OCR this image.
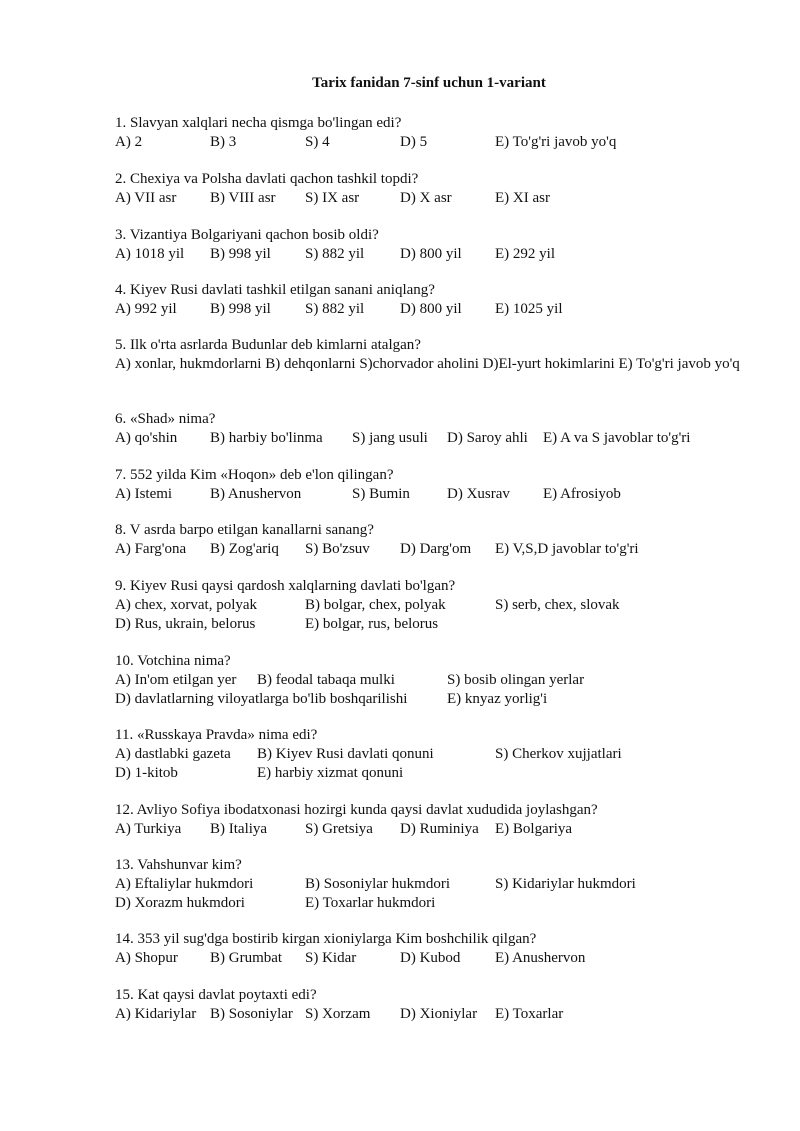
Tarix fanidan 7-sinf uchun 1-variant
1. Slavyan xalqlari necha qismga bo'lingan edi?
A) 2	B) 3	S) 4	D) 5	E) To'g'ri javob yo'q
2. Chexiya va Polsha davlati qachon tashkil topdi?
A) VII asr B) VIII asr S) IX asr	D) X asr	E) XI asr
3. Vizantiya Bolgariyani qachon bosib oldi?
A) 1018 yil B) 998 yil S) 882 yil D) 800 yil E) 292 yil
4. Kiyev Rusi davlati tashkil etilgan sanani aniqlang?
A) 992 yil B) 998 yil S) 882 yil D) 800 yil E) 1025 yil
5. Ilk o'rta asrlarda Budunlar deb kimlarni atalgan?
A) xonlar, hukmdorlarni B) dehqonlarni S)chorvador aholini D)El-yurt hokimlarini E) To'g'ri javob yo'q
6. «Shad» nima?
A) qo'shin B) harbiy bo'linma S) jang usuli D) Saroy ahli E) A va S javoblar to'g'ri
7. 552 yilda Kim «Hoqon» deb e'lon qilingan?
A) Istemi	B) Anushervon	S) Bumin D) Xusrav E) Afrosiyob
8. V asrda barpo etilgan kanallarni sanang?
A) Farg'ona B) Zog'ariq S) Bo'zsuv D) Darg'om E) V,S,D javoblar to'g'ri
9. Kiyev Rusi qaysi qardosh xalqlarning davlati bo'lgan?
A) chex, xorvat, polyak	B) bolgar, chex, polyak	S) serb, chex, slovak
D) Rus, ukrain, belorus	E) bolgar, rus, belorus
10. Votchina nima?
A) In'om etilgan yer B) feodal tabaqa mulki	S) bosib olingan yerlar
D) davlatlarning viloyatlarga bo'lib boshqarilishi	E) knyaz yorlig'i
11. «Russkaya Pravda» nima edi?
A) dastlabki gazeta B) Kiyev Rusi davlati qonuni	S) Cherkov xujjatlari
D) 1-kitob	E) harbiy xizmat qonuni
12. Avliyo Sofiya ibodatxonasi hozirgi kunda qaysi davlat xududida joylashgan?
A) Turkiya B) Italiya	S) Gretsiya D) Ruminiya E) Bolgariya
13. Vahshunvar kim?
A) Eftaliylar hukmdori	B) Sosoniylar hukmdori	S) Kidariylar hukmdori
D) Xorazm hukmdori	E) Toxarlar hukmdori
14. 353 yil sug'dga bostirib kirgan xioniylarga Kim boshchilik qilgan?
A) Shopur B) Grumbat S) Kidar	D) Kubod E) Anushervon
15. Kat qaysi davlat poytaxti edi?
A) Kidariylar B) Sosoniylar S) Xorzam D) Xioniylar E) Toxarlar
